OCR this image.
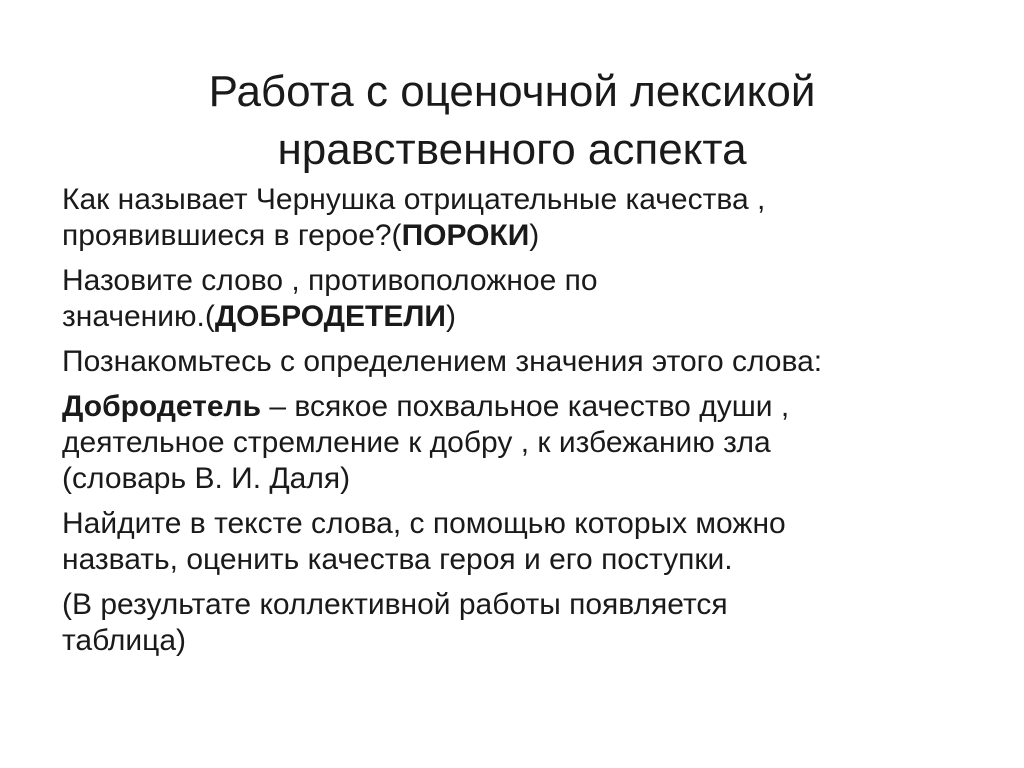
Работа с оценочной лексикой
нравственного аспекта
Как называет Чернушка отрицательные качества ,
проявившиеся в герое?(ПОРОКИ)
Назовите слово , противоположное по
значению.(ДОБРОДЕТЕЛИ)
Познакомьтесь с определением значения этого слова:
Добродетель – всякое похвальное качество души ,
деятельное стремление к добру , к избежанию зла
(словарь В. И. Даля)
Найдите в тексте слова, с помощью которых можно
назвать, оценить качества героя и его поступки.
(В результате коллективной работы появляется
таблица)
